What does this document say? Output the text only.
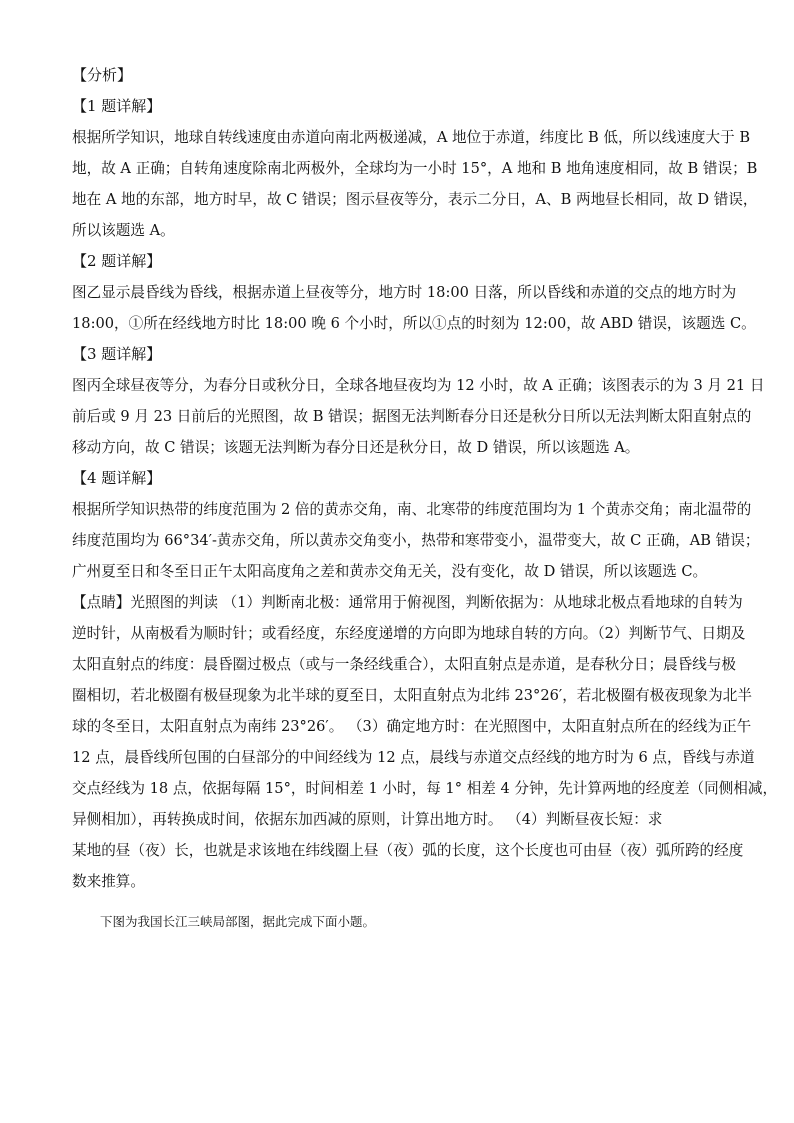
【分析】
【1 题详解】
根据所学知识，地球自转线速度由赤道向南北两极递减，A 地位于赤道，纬度比 B 低，所以线速度大于 B
地，故 A 正确；自转角速度除南北两极外，全球均为一小时 15°，A 地和 B 地角速度相同，故 B 错误；B
地在 A 地的东部，地方时早，故 C 错误；图示昼夜等分，表示二分日，A、B 两地昼长相同，故 D 错误，
所以该题选 A。
【2 题详解】
图乙显示晨昏线为昏线，根据赤道上昼夜等分，地方时 18:00 日落，所以昏线和赤道的交点的地方时为
18:00，①所在经线地方时比 18:00 晚 6 个小时，所以①点的时刻为 12:00，故 ABD 错误，该题选 C。
【3 题详解】
图丙全球昼夜等分，为春分日或秋分日，全球各地昼夜均为 12 小时，故 A 正确；该图表示的为 3 月 21 日
前后或 9 月 23 日前后的光照图，故 B 错误；据图无法判断春分日还是秋分日所以无法判断太阳直射点的
移动方向，故 C 错误；该题无法判断为春分日还是秋分日，故 D 错误，所以该题选 A。
【4 题详解】
根据所学知识热带的纬度范围为 2 倍的黄赤交角，南、北寒带的纬度范围均为 1 个黄赤交角；南北温带的
纬度范围均为 66°34′-黄赤交角，所以黄赤交角变小，热带和寒带变小，温带变大，故 C 正确，AB 错误；
广州夏至日和冬至日正午太阳高度角之差和黄赤交角无关，没有变化，故 D 错误，所以该题选 C。
【点睛】光照图的判读 （1）判断南北极：通常用于俯视图，判断依据为：从地球北极点看地球的自转为
逆时针，从南极看为顺时针；或看经度，东经度递增的方向即为地球自转的方向。（2）判断节气、日期及
太阳直射点的纬度：晨昏圈过极点（或与一条经线重合），太阳直射点是赤道，是春秋分日；晨昏线与极
圈相切，若北极圈有极昼现象为北半球的夏至日，太阳直射点为北纬 23°26′，若北极圈有极夜现象为北半
球的冬至日，太阳直射点为南纬 23°26′。 （3）确定地方时：在光照图中，太阳直射点所在的经线为正午
12 点，晨昏线所包围的白昼部分的中间经线为 12 点，晨线与赤道交点经线的地方时为 6 点，昏线与赤道
交点经线为 18 点，依据每隔 15°，时间相差 1 小时，每 1° 相差 4 分钟，先计算两地的经度差（同侧相减，
异侧相加），再转换成时间，依据东加西减的原则，计算出地方时。 （4）判断昼夜长短：求
某地的昼（夜）长，也就是求该地在纬线圈上昼（夜）弧的长度，这个长度也可由昼（夜）弧所跨的经度
数来推算。
下图为我国长江三峡局部图，据此完成下面小题。
